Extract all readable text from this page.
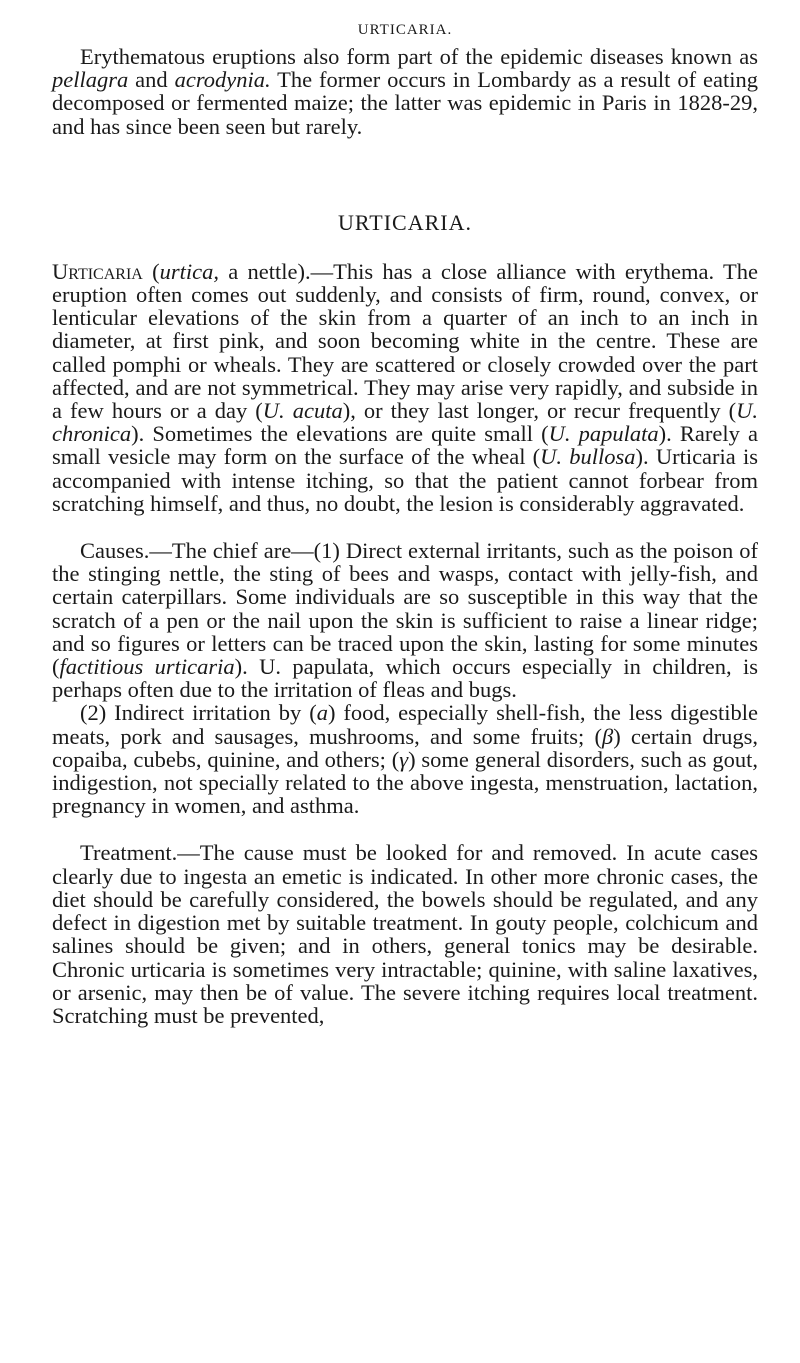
URTICARIA.

Erythematous eruptions also form part of the epidemic diseases known as pellagra and acrodynia. The former occurs in Lombardy as a result of eating decomposed or fermented maize; the latter was epidemic in Paris in 1828-29, and has since been seen but rarely.

URTICARIA.

Urticaria (urtica, a nettle).—This has a close alliance with erythema. The eruption often comes out suddenly, and consists of firm, round, convex, or lenticular elevations of the skin from a quarter of an inch to an inch in diameter, at first pink, and soon becoming white in the centre. These are called pomphi or wheals. They are scattered or closely crowded over the part affected, and are not symmetrical. They may arise very rapidly, and subside in a few hours or a day (U. acuta), or they last longer, or recur frequently (U. chronica). Sometimes the elevations are quite small (U. papulata). Rarely a small vesicle may form on the surface of the wheal (U. bullosa). Urticaria is accompanied with intense itching, so that the patient cannot forbear from scratching himself, and thus, no doubt, the lesion is considerably aggravated.

Causes.—The chief are—(1) Direct external irritants, such as the poison of the stinging nettle, the sting of bees and wasps, contact with jelly-fish, and certain caterpillars. Some individuals are so susceptible in this way that the scratch of a pen or the nail upon the skin is sufficient to raise a linear ridge; and so figures or letters can be traced upon the skin, lasting for some minutes (factitious urticaria). U. papulata, which occurs especially in children, is perhaps often due to the irritation of fleas and bugs.

(2) Indirect irritation by (a) food, especially shell-fish, the less digestible meats, pork and sausages, mushrooms, and some fruits; (β) certain drugs, copaiba, cubebs, quinine, and others; (γ) some general disorders, such as gout, indigestion, not specially related to the above ingesta, menstruation, lactation, pregnancy in women, and asthma.

Treatment.—The cause must be looked for and removed. In acute cases clearly due to ingesta an emetic is indicated. In other more chronic cases, the diet should be carefully considered, the bowels should be regulated, and any defect in digestion met by suitable treatment. In gouty people, colchicum and salines should be given; and in others, general tonics may be desirable. Chronic urticaria is sometimes very intractable; quinine, with saline laxatives, or arsenic, may then be of value. The severe itching requires local treatment. Scratching must be prevented,
